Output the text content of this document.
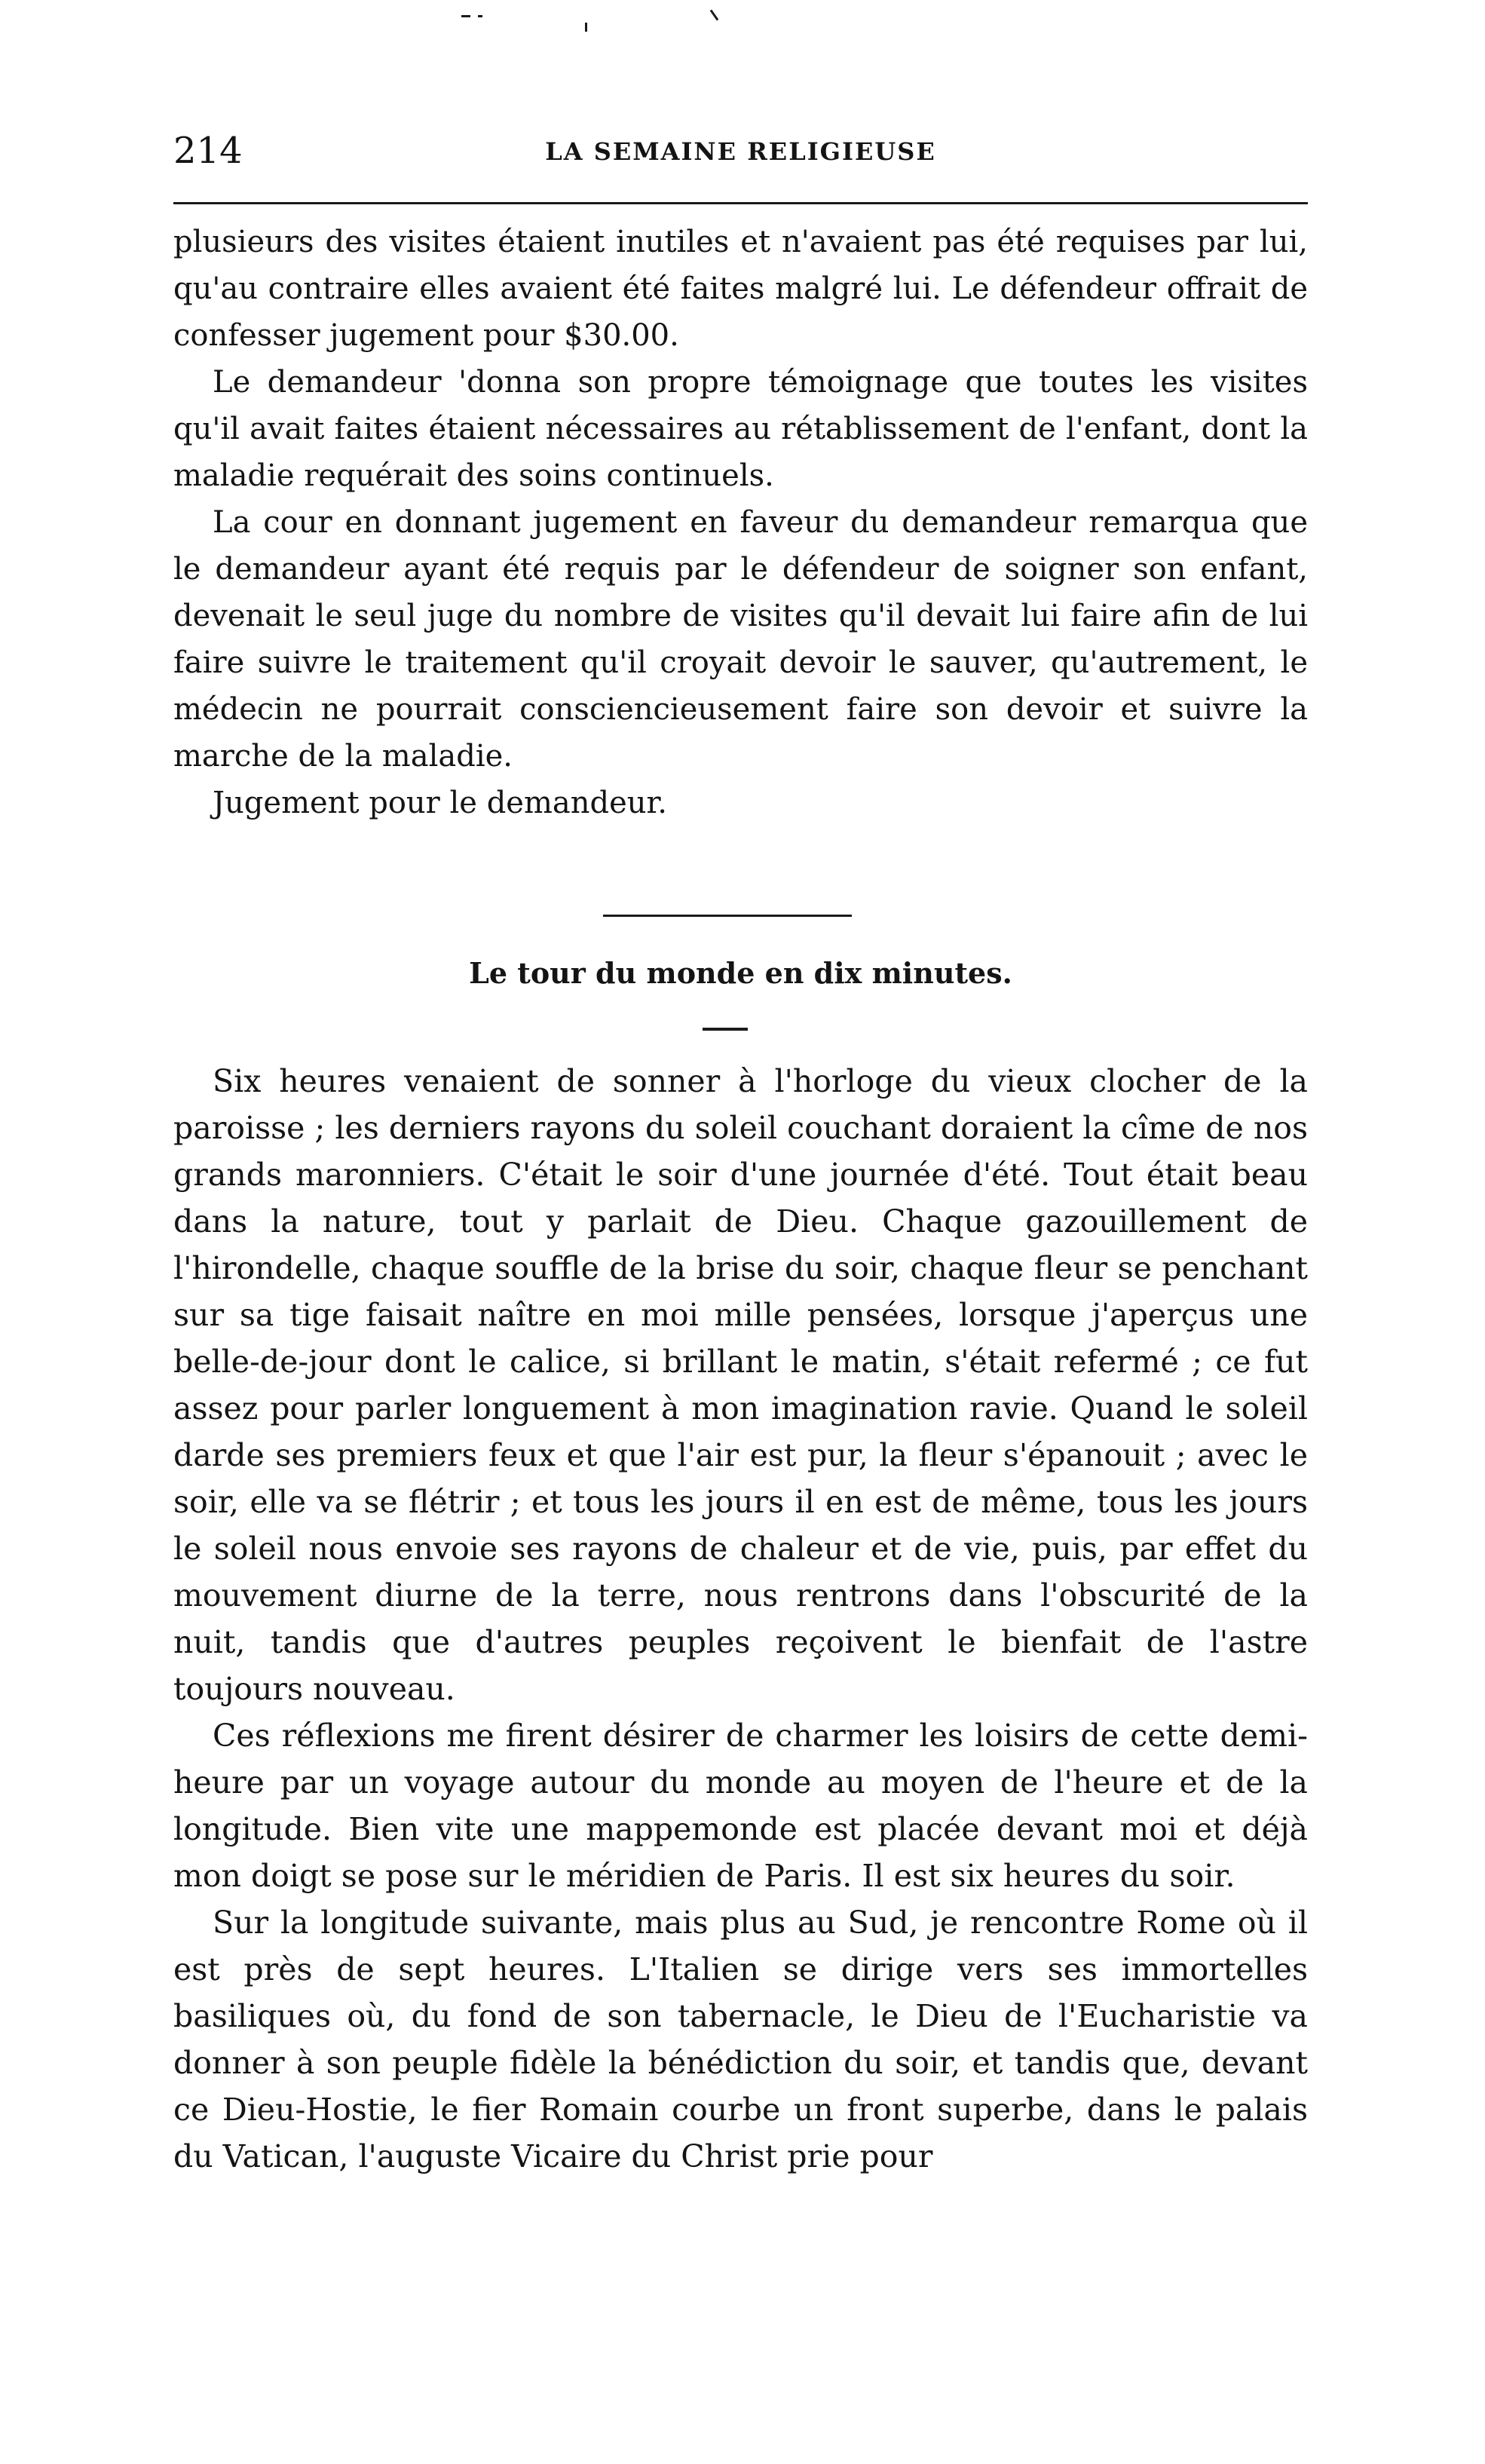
214	LA SEMAINE RELIGIEUSE

plusieurs des visites étaient inutiles et n'avaient pas été requises par lui, qu'au contraire elles avaient été faites malgré lui. Le défendeur offrait de confesser jugement pour $30.00.

Le demandeur 'donna son propre témoignage que toutes les visites qu'il avait faites étaient nécessaires au rétablissement de l'enfant, dont la maladie requérait des soins continuels.

La cour en donnant jugement en faveur du demandeur remarqua que le demandeur ayant été requis par le défendeur de soigner son enfant, devenait le seul juge du nombre de visites qu'il devait lui faire afin de lui faire suivre le traitement qu'il croyait devoir le sauver, qu'autrement, le médecin ne pourrait consciencieusement faire son devoir et suivre la marche de la maladie.

Jugement pour le demandeur.

Le tour du monde en dix minutes.

Six heures venaient de sonner à l'horloge du vieux clocher de la paroisse ; les derniers rayons du soleil couchant doraient la cîme de nos grands maronniers. C'était le soir d'une journée d'été. Tout était beau dans la nature, tout y parlait de Dieu. Chaque gazouillement de l'hirondelle, chaque souffle de la brise du soir, chaque fleur se penchant sur sa tige faisait naître en moi mille pensées, lorsque j'aperçus une belle-de-jour dont le calice, si brillant le matin, s'était refermé ; ce fut assez pour parler longuement à mon imagination ravie. Quand le soleil darde ses premiers feux et que l'air est pur, la fleur s'épanouit ; avec le soir, elle va se flétrir ; et tous les jours il en est de même, tous les jours le soleil nous envoie ses rayons de chaleur et de vie, puis, par effet du mouvement diurne de la terre, nous rentrons dans l'obscurité de la nuit, tandis que d'autres peuples reçoivent le bienfait de l'astre toujours nouveau.

Ces réflexions me firent désirer de charmer les loisirs de cette demi-heure par un voyage autour du monde au moyen de l'heure et de la longitude. Bien vite une mappemonde est placée devant moi et déjà mon doigt se pose sur le méridien de Paris. Il est six heures du soir.

Sur la longitude suivante, mais plus au Sud, je rencontre Rome où il est près de sept heures. L'Italien se dirige vers ses immortelles basiliques où, du fond de son tabernacle, le Dieu de l'Eucharistie va donner à son peuple fidèle la bénédiction du soir, et tandis que, devant ce Dieu-Hostie, le fier Romain courbe un front superbe, dans le palais du Vatican, l'auguste Vicaire du Christ prie pour
